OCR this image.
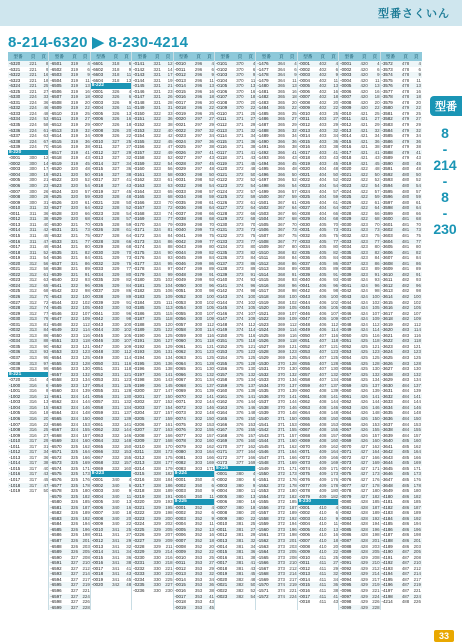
型番さくいん
8-214-6320 ▶ 8-230-4214
型番	頁	頁
-6320	221	8
-6321	221	9
-6322	221	16
-6323	221	18
-6324	221	25
-6325	221	27
-6330	224	33
-6331	224	36
-6332	224	46
-6333	224	48
-6334	224	53
-6335	224	58
-6336	224	61
-6337	224	63
-6338	224	67
-6339	224	70
8-220
-0001	300	12
-0002	300	14
-0003	300	17
-0004	300	19
-0005	300	21
-0006	300	23
-0007	300	26
-0008	300	28
-0009	300	31
-0010	311	33
-0011	311	36
-0012	311	38
-0013	311	40
-0014	311	42
-0015	311	45
-0016	311	47
-0017	311	49
-0018	311	52
-0019	311	54
-0020	312	56
-0021	312	58
-0022	312	61
-0023	312	63
-0024	312	65
-0025	312	68
-0026	312	70
-0027	312	72
-0028	312	74
-0029	312	77
-0030	313	79
-0031	313	81
-0032	313	84
-0033	313	86
-0034	313	88
-0035	313	90
-0036	313	93
-0037	313	95
-0038	313	97
-0039	313	99
8-221
-0720	314	4
-1000	316	6
-1001	316	8
-1002	316	11
-1003	316	13
-1004	316	15
-1005	316	18
-1006	316	20
-1007	316	22
-1008	316	25
-1009	316	27
-1010	317	29
-1011	317	31
-1012	317	34
-1013	317	36
-1014	317	38
-1015	317	40
-1016	317	43
-1017	317	45
-1018	317	47
-1019	317	50
型番	頁	頁
-6501	319	4
-6502	319	6
-6503	319	9
-6504	319	11
-6505	319	13
-6506	319	16
-6507	319	18
-6508	319	20
-6509	319	22
-6510	319	25
-6511	319	27
-6512	319	29
-6513	319	32
-6514	319	34
-6515	319	36
-6516	319	38
-6517	319	41
-6518	319	43
-6519	319	45
-6520	320	48
-6521	320	50
-6522	320	52
-6523	320	54
-6524	320	57
-6525	320	59
-6526	320	61
-6527	320	64
-6528	320	66
-6529	320	68
-6530	321	70
-6531	321	73
-6532	321	75
-6533	321	77
-6534	321	80
-6535	321	82
-6536	321	84
-6537	321	86
-6538	321	89
-6539	321	91
-6540	322	93
-6541	322	96
-6542	322	98
-6543	322	100
-6544	322	102
-6545	322	105
-6546	322	107
-6547	322	109
-6548	322	112
-6549	322	114
-6550	323	116
-6551	323	118
-6552	323	121
-6553	323	123
-6554	323	125
-6555	323	128
-6556	323	130
-6557	323	132
-6558	323	134
-6559	323	137
-6560	324	139
-6561	324	141
-6562	324	144
-6563	324	146
-6564	324	148
-6565	324	150
-6566	324	153
-6567	324	155
-6568	324	157
-6569	324	160
-6570	325	162
-6571	325	164
-6572	325	166
-6573	325	169
-6574	325	171
-6575	325	173
-6576	325	176
-6577	325	178
-6578	325	180
-6579	325	182
-6580	326	185
-6581	326	187
-6582	326	189
-6583	326	192
-6584	326	194
-6585	326	196
-6586	326	198
-6587	326	201
-6588	326	203
-6589	326	205
-6590	327	208
-6591	327	210
-6592	327	212
-6593	327	214
-6594	327	217
-6595	327	219
-6596	327	221
-6597	327	224
-6598	327	226
-6599	327	228
型番	頁	頁
-6601	318	6
-6602	318	9
-6603	318	11
-6604	318	13
8-222
-0001	326	4
-0002	326	6
-0003	326	9
-0004	326	11
-0005	326	13
-0006	326	16
-0007	326	18
-0008	326	20
-0009	326	22
-0010	327	25
-0011	327	27
-0012	327	29
-0013	327	32
-0014	327	34
-0015	327	36
-0016	327	38
-0017	327	41
-0018	327	43
-0019	327	45
-0020	328	48
-0021	328	50
-0022	328	52
-0023	328	54
-0024	328	57
-0025	328	59
-0026	328	61
-0027	328	64
-0028	328	66
-0029	328	68
-0030	329	70
-0031	329	73
-0032	329	75
-0033	329	77
-0034	329	80
-0035	329	82
-0036	329	84
-0037	329	86
-0038	329	89
-0039	329	91
-0040	330	93
-0041	330	96
-0042	330	98
-0043	330	100
-0044	330	102
-0045	330	105
-0046	330	107
-0047	330	109
-0048	330	112
-0049	330	114
-0050	331	116
-0051	331	118
-0052	331	121
-0053	331	123
-0054	331	125
-0055	331	128
-0056	331	130
-0057	331	132
-0058	331	134
-0059	331	137
-0060	332	139
-0061	332	141
-0062	332	144
-0063	332	146
-0064	332	148
-0065	332	150
-0066	332	153
-0067	332	155
-0068	332	157
-0069	332	160
8-223
-0001	340	4
-0002	340	6
-0003	340	9
-0004	340	11
-0005	340	13
-0006	340	16
-0007	340	18
-0008	340	20
-0009	340	22
-0010	341	25
-0011	341	27
-0012	341	29
-0013	341	32
-0014	341	34
-0015	341	36
-0016	341	38
-0017	341	41
-0018	341	43
-0019	341	45
-0020	342	48
型番	頁	頁
-0141	321	12
-0142	321	14
-0143	321	17
-0144	321	19
-0145	321	21
-0146	321	23
-0147	321	26
-0148	321	28
-0149	321	31
-0150	322	33
-0151	322	36
-0152	322	38
-0153	322	40
-0154	322	42
-0155	322	45
-0156	322	47
-0157	322	49
-0158	322	52
-0159	322	54
-0160	323	56
-0161	323	58
-0162	323	61
-0163	323	63
-0164	323	65
-0165	323	68
-0166	323	70
-0167	323	72
-0168	323	74
-0169	323	77
-0170	324	79
-0171	324	81
-0172	324	84
-0173	324	86
-0174	324	88
-0175	324	90
-0176	324	93
-0177	324	95
-0178	324	97
-0179	324	99
-0180	325	102
-0181	325	104
-0182	325	106
-0183	325	109
-0184	325	111
-0185	325	113
-0186	325	115
-0187	325	118
-0188	325	120
-0189	325	122
-0190	326	125
-0191	326	127
-0192	326	129
-0193	326	131
-0194	326	134
-0195	326	136
-0196	326	138
-0197	326	141
-0198	326	143
-0199	326	145
-0200	327	147
-0201	327	150
-0202	327	152
-0203	327	154
-0204	327	157
-0205	327	159
-0206	327	161
-0207	327	163
-0208	327	166
-0209	327	168
-0210	328	170
-0211	328	173
-0212	328	175
-0213	328	177
-0214	328	179
-0215	328	182
-0216	328	184
-0217	328	186
-0218	328	189
-0219	328	191
-0220	329	193
-0221	329	195
-0222	329	198
-0223	329	200
-0224	329	202
-0225	329	205
-0226	329	207
-0227	329	209
-0228	329	211
-0229	329	214
-0230	330	216
-0231	330	218
-0232	330	221
-0233	330	223
-0234	330	225
-0235	330	227
-0236	330	230
型番	頁	頁
-0010	296	4
-0011	296	6
-0012	296	9
-0013	296	11
-0014	296	13
-0015	296	16
-0016	296	18
-0017	296	20
-0018	296	22
-0019	296	25
-0020	297	27
-0021	297	29
-0022	297	32
-0023	297	34
-0024	297	36
-0025	297	38
-0026	297	41
-0027	297	43
-0028	297	45
-0029	297	48
-0030	298	50
-0031	298	52
-0032	298	54
-0033	298	57
-0034	298	59
-0035	298	61
-0036	298	64
-0037	298	66
-0038	298	68
-0039	298	70
-0040	299	73
-0041	299	75
-0042	299	77
-0043	299	80
-0044	299	82
-0045	299	84
-0046	299	86
-0047	299	89
-0048	299	91
-0049	299	93
-0050	300	96
-0051	300	98
-0052	300	100
-0053	300	102
-0054	300	105
-0055	300	107
-0056	300	109
-0057	300	112
-0058	300	114
-0059	300	116
-0060	301	118
-0061	301	121
-0062	301	123
-0063	301	125
-0064	301	128
-0065	301	130
-0066	301	132
-0067	301	134
-0068	301	137
-0069	301	139
-0070	302	141
-0071	302	144
-0072	302	146
-0073	302	148
-0074	302	150
-0075	302	153
-0076	302	155
-0077	302	157
-0078	302	160
-0079	302	162
-0080	303	164
-0081	303	166
-0082	303	169
-0083	303	171
8-224
-0001	350	4
-0002	350	6
-0003	350	9
-0004	350	11
8-225
-0001	352	4
-0002	352	6
-0003	352	9
-0004	352	11
-0005	352	13
-0006	352	16
-0007	352	18
-0008	352	20
-0009	352	22
-0010	353	25
-0011	353	27
-0012	353	29
-0013	353	32
-0014	353	34
-0015	353	36
-0016	353	38
-0017	353	41
-0018	353	43
-0019	353	45
型番	頁	頁
-0101	370	4
-0102	370	6
-0103	370	9
-0104	370	11
-0105	370	13
-0106	370	16
-0107	370	18
-0108	370	20
-0109	370	22
-0110	371	25
-0111	371	27
-0112	371	29
-0113	371	32
-0114	371	34
-0115	371	36
-0116	371	38
-0117	371	41
-0118	371	43
-0119	371	45
-0120	372	48
-0121	372	50
-0122	372	52
-0123	372	54
-0124	372	57
-0125	372	59
-0126	372	61
-0127	372	64
-0128	372	66
-0129	372	68
-0130	373	70
-0131	373	73
-0132	373	75
-0133	373	77
-0134	373	80
-0135	373	82
-0136	373	84
-0137	373	86
-0138	373	89
-0139	373	91
-0140	374	93
-0141	374	96
-0142	374	98
-0143	374	100
-0144	374	102
-0145	374	105
-0146	374	107
-0147	374	109
-0148	374	112
-0149	374	114
-0150	375	116
-0151	375	118
-0152	375	121
-0153	375	123
-0154	375	125
-0155	375	128
-0156	375	130
-0157	375	132
-0158	375	134
-0159	375	137
-0160	376	139
-0161	376	141
-0162	376	144
-0163	376	146
-0164	376	148
-0165	376	150
-0166	376	153
-0167	376	155
-0168	376	157
-0169	376	160
-0170	377	162
-0171	377	164
-0172	377	166
-0173	377	169
8-226
-0001	380	4
-0002	380	6
-0003	380	9
-0004	380	11
-0005	380	13
-0006	380	16
-0007	380	18
-0008	380	20
-0009	380	22
-0010	381	25
-0011	381	27
-0012	381	29
-0013	381	32
-0014	381	34
-0015	381	36
-0016	381	38
-0017	381	41
-0018	381	43
-0019	381	45
-0020	382	48
-0021	382	50
-0022	382	52
-0023	382	54
型番	頁	頁
-1476	364	4
-1477	364	6
-1478	364	9
-1479	364	11
-1480	365	13
-1481	365	16
-1482	365	18
-1483	365	20
-1484	365	22
-1485	365	25
-1486	365	27
-1487	365	29
-1488	365	32
-1489	365	34
-1490	366	36
-1491	366	38
-1492	366	41
-1493	366	43
-1494	366	45
-1495	366	48
-1496	366	50
-1497	366	52
-1498	366	54
-1499	366	57
-1500	367	59
-1501	367	61
-1502	367	64
-1503	367	66
-1504	367	68
-1505	367	70
-1506	367	73
-1507	367	75
-1508	367	77
-1509	367	80
-1510	368	82
-1511	368	84
-1512	368	86
-1513	368	89
-1514	368	91
-1515	368	93
-1516	368	96
-1517	368	98
-1518	368	100
-1519	368	102
-1520	369	105
-1521	369	107
-1522	369	109
-1523	369	112
-1524	369	114
-1525	369	116
-1526	369	118
-1527	369	121
-1528	369	123
-1529	369	125
-1530	370	128
-1531	370	130
-1532	370	132
-1533	370	134
-1534	370	137
-1535	370	139
-1536	370	141
-1537	370	144
-1538	370	146
-1539	370	148
-1540	371	150
-1541	371	153
-1542	371	155
-1543	371	157
-1544	371	160
-1545	371	162
-1546	371	164
-1547	371	166
-1548	371	169
-1549	371	171
-1550	372	173
-1551	372	176
-1552	372	178
-1553	372	180
-1554	372	182
-1555	372	185
-1556	372	187
-1557	372	189
-1558	372	192
-1559	372	194
-1560	373	196
-1561	373	198
-1562	373	201
-1563	373	203
-1564	373	205
-1565	373	208
-1566	373	210
-1567	373	212
-1568	373	214
-1569	373	217
-1570	374	219
-1571	374	221
-1572	374	224
型番	頁	頁
-0001	402	4
-0002	402	6
-0003	402	9
-0004	402	11
-0005	402	13
-0006	402	16
-0007	402	18
-0008	402	20
-0009	402	22
-0010	403	25
-0011	403	27
-0012	403	29
-0013	403	32
-0014	403	34
-0015	403	36
-0016	403	38
-0017	403	41
-0018	403	43
-0019	403	45
-0020	404	48
-0021	404	50
-0022	404	52
-0023	404	54
-0024	404	57
-0025	404	59
-0026	404	61
-0027	404	64
-0028	404	66
-0029	404	68
-0030	405	70
-0031	405	73
-0032	405	75
-0033	405	77
-0034	405	80
-0035	405	82
-0036	405	84
-0037	405	86
-0038	405	89
-0039	405	91
-0040	406	93
-0041	406	96
-0042	406	98
-0043	406	100
-0044	406	102
-0045	406	105
-0046	406	107
-0047	406	109
-0048	406	112
-0049	406	114
-0050	407	116
-0051	407	118
-0052	407	121
-0053	407	123
-0054	407	125
-0055	407	128
-0056	407	130
-0057	407	132
-0058	407	134
-0059	407	137
-0060	408	139
-0061	408	141
-0062	408	144
-0063	408	146
-0064	408	148
-0065	408	150
-0066	408	153
-0067	408	155
-0068	408	157
-0069	408	160
-0070	409	162
-0071	409	164
-0072	409	166
-0073	409	169
-0074	409	171
-0075	409	173
-0076	409	176
-0077	409	178
-0078	409	180
-0079	409	182
8-230
-0001	410	4
-0002	410	6
-0003	410	9
-0004	410	11
-0005	410	13
-0006	410	16
-0007	410	18
-0008	410	20
-0009	410	22
-0010	411	25
-0011	411	27
-0012	411	29
-0013	411	32
-0014	411	34
-0015	411	36
-0016	411	38
-0017	411	41
-0018	411	43
型番	頁	頁
-0001	420	4
-0002	420	6
-0003	420	9
-0004	420	11
-0005	420	13
-0006	420	16
-0007	420	18
-0008	420	20
-0009	420	22
-0010	421	25
-0011	421	27
-0012	421	29
-0013	421	32
-0014	421	34
-0015	421	36
-0016	421	38
-0017	421	41
-0018	421	43
-0019	421	45
-0020	422	48
-0021	422	50
-0022	422	52
-0023	422	54
-0024	422	57
-0025	422	59
-0026	422	61
-0027	422	64
-0028	422	66
-0029	422	68
-0030	423	70
-0031	423	73
-0032	423	75
-0033	423	77
-0034	423	80
-0035	423	82
-0036	423	84
-0037	423	86
-0038	423	89
-0039	423	91
-0040	424	93
-0041	424	96
-0042	424	98
-0043	424	100
-0044	424	102
-0045	424	105
-0046	424	107
-0047	424	109
-0048	424	112
-0049	424	114
-0050	425	116
-0051	425	118
-0052	425	121
-0053	425	123
-0054	425	125
-0055	425	128
-0056	425	130
-0057	425	132
-0058	425	134
-0059	425	137
-0060	426	139
-0061	426	141
-0062	426	144
-0063	426	146
-0064	426	148
-0065	426	150
-0066	426	153
-0067	426	155
-0068	426	157
-0069	426	160
-0070	427	162
-0071	427	164
-0072	427	166
-0073	427	169
-0074	427	171
-0075	427	173
-0076	427	176
-0077	427	178
-0078	427	180
-0079	427	182
-0080	428	185
-0081	428	187
-0082	428	189
-0083	428	192
-0084	428	194
-0085	428	196
-0086	428	198
-0087	428	201
-0088	428	203
-0089	428	205
-0090	429	208
-0091	429	210
-0092	429	212
-0093	429	214
-0094	429	217
-0095	429	219
-0096	429	221
-0097	429	224
-0098	429	226
-0099	429	228
型番	頁	頁
-3572	478	4
-3573	478	6
-3574	478	9
-3575	478	11
-3576	478	13
-3577	478	16
-3578	478	18
-3579	478	20
-3580	479	22
-3581	479	25
-3582	479	27
-3583	479	29
-3584	479	32
-3585	479	34
-3586	479	36
-3587	479	38
-3588	479	41
-3589	479	43
-3590	480	45
-3591	480	48
-3592	480	50
-3593	480	52
-3594	480	54
-3595	480	57
-3596	480	59
-3597	480	61
-3598	480	64
-3599	480	66
-3600	481	68
-3601	481	70
-3602	481	73
-3603	481	75
-3604	481	77
-3605	481	80
-3606	481	82
-3607	481	84
-3608	481	86
-3609	481	89
-3610	482	91
-3611	482	93
-3612	482	96
-3613	482	98
-3614	482	100
-3615	482	102
-3616	482	105
-3617	482	107
-3618	482	109
-3619	482	112
-3620	483	114
-3621	483	116
-3622	483	118
-3623	483	121
-3624	483	123
-3625	483	125
-3626	483	128
-3627	483	130
-3628	483	132
-3629	483	134
-3630	484	137
-3631	484	139
-3632	484	141
-3633	484	144
-3634	484	146
-3635	484	148
-3636	484	150
-3637	484	153
-3638	484	155
-3639	484	157
-3640	485	160
-3641	485	162
-3642	485	164
-3643	485	166
-3644	485	169
-3645	485	171
-3646	485	173
-3647	485	176
-3648	485	178
-3649	485	180
-4180	486	182
-4181	486	185
-4182	486	187
-4183	486	189
-4184	486	192
-4185	486	194
-4186	486	196
-4187	486	198
-4188	486	201
-4189	486	203
-4190	487	205
-4191	487	208
-4192	487	210
-4193	487	212
-4194	487	214
-4195	487	217
-4196	487	219
-4197	487	221
-4198	487	224
-4214	488	226
型番
8
-
214
-
8
-
230
33
